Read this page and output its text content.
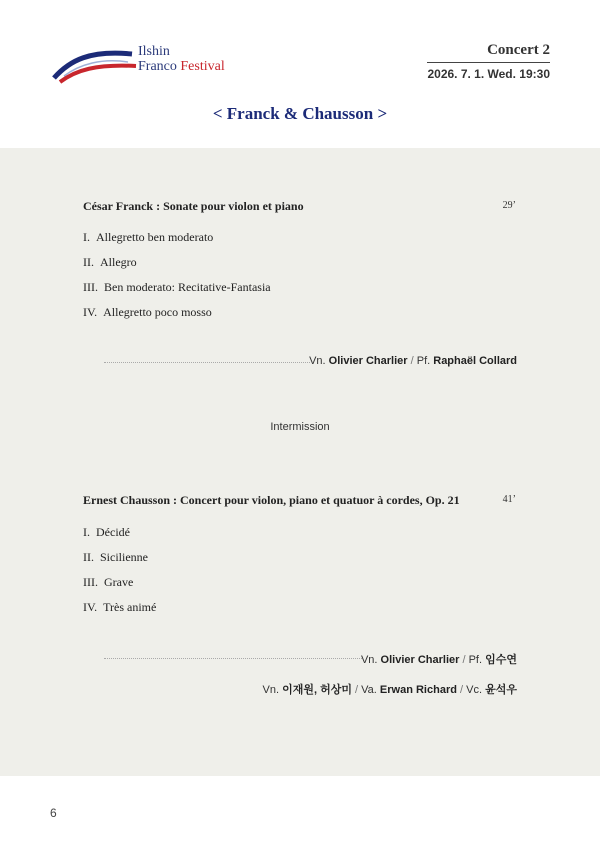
Ilshin
Franco Festival
Concert 2
2026. 7. 1. Wed. 19:30
< Franck & Chausson >
César Franck : Sonate pour violon et piano	29’
I. Allegretto ben moderato
II. Allegro
III. Ben moderato: Recitative-Fantasia
IV. Allegretto poco mosso
Vn. Olivier Charlier / Pf. Raphaël Collard
Intermission
Ernest Chausson : Concert pour violon, piano et quatuor à cordes, Op. 21	41’
I. Décidé
II. Sicilienne
III. Grave
IV. Très animé
Vn. Olivier Charlier / Pf. 임수연
Vn. 이재원, 허상미 / Va. Erwan Richard / Vc. 윤석우
6
